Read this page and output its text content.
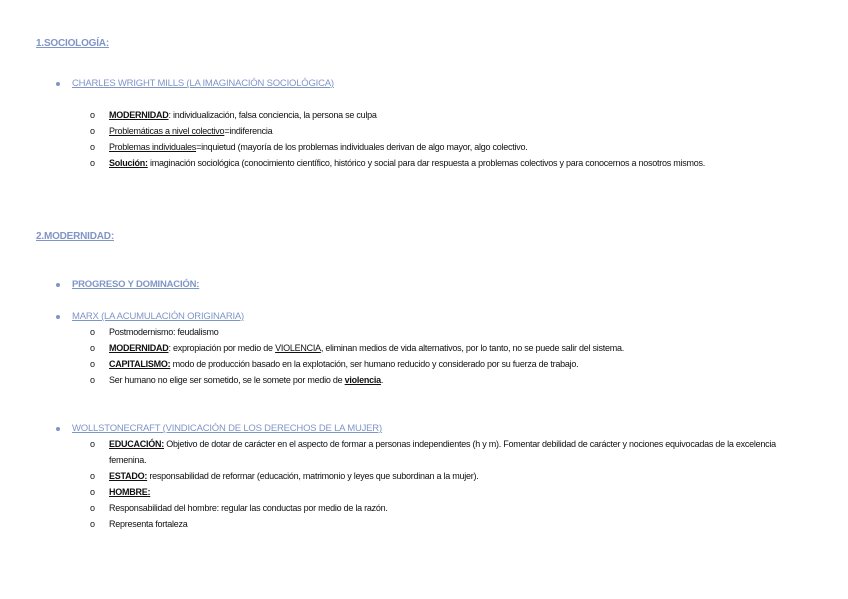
1.SOCIOLOGÍA:
CHARLES WRIGHT MILLS (LA IMAGINACIÓN SOCIOLÓGICA)
o MODERNIDAD: individualización, falsa conciencia, la persona se culpa
o Problemáticas a nivel colectivo=indiferencia
o Problemas individuales=inquietud (mayoría de los problemas individuales derivan de algo mayor, algo colectivo.
o Solución: imaginación sociológica (conocimiento científico, histórico y social para dar respuesta a problemas colectivos y para conocernos a nosotros mismos.
2.MODERNIDAD:
PROGRESO Y DOMINACIÓN:
MARX (LA ACUMULACIÓN ORIGINARIA)
o Postmodernismo: feudalismo
o MODERNIDAD: expropiación por medio de VIOLENCIA, eliminan medios de vida alternativos, por lo tanto, no se puede salir del sistema.
o CAPITALISMO: modo de producción basado en la explotación, ser humano reducido y considerado por su fuerza de trabajo.
o Ser humano no elige ser sometido, se le somete por medio de violencia.
WOLLSTONECRAFT (VINDICACIÓN DE LOS DERECHOS DE LA MUJER)
o EDUCACIÓN: Objetivo de dotar de carácter en el aspecto de formar a personas independientes (h y m). Fomentar debilidad de carácter y nociones equivocadas de la excelencia femenina.
o ESTADO: responsabilidad de reformar (educación, matrimonio y leyes que subordinan a la mujer).
o HOMBRE:
o Responsabilidad del hombre: regular las conductas por medio de la razón.
o Representa fortaleza
